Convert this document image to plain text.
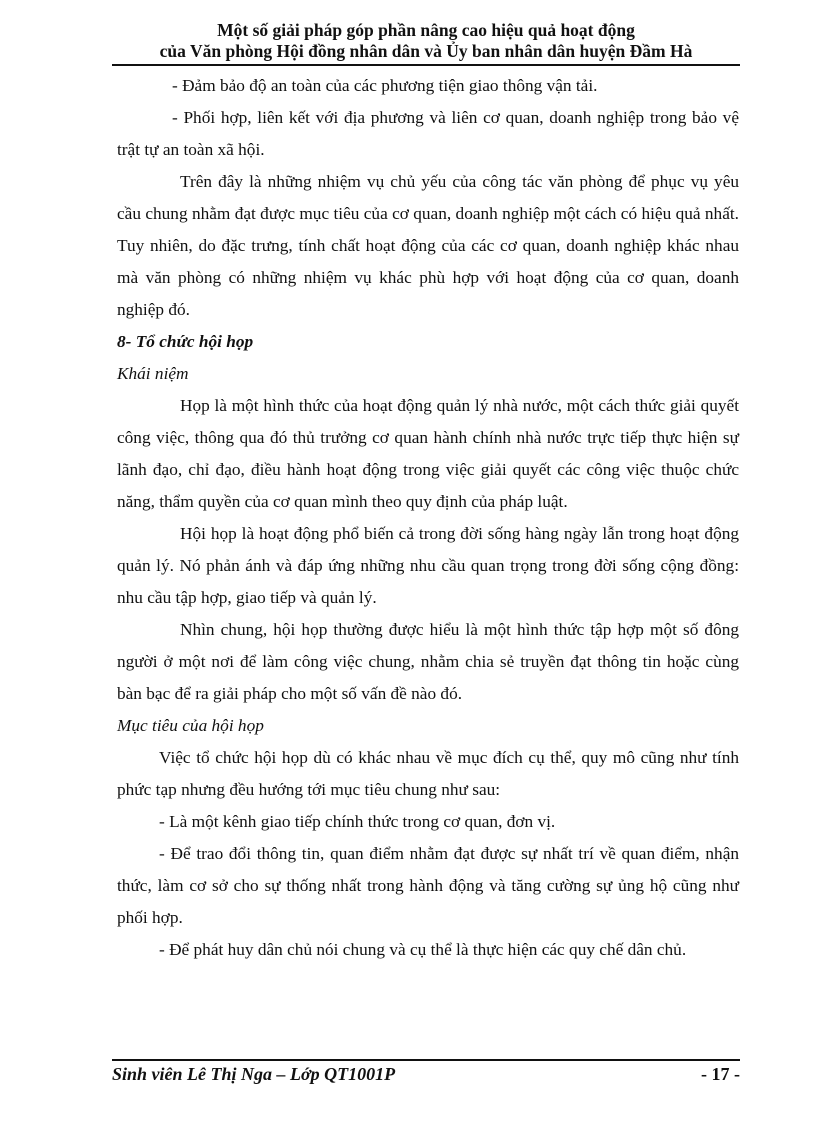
Một số giải pháp góp phần nâng cao hiệu quả hoạt động
của Văn phòng Hội đồng nhân dân và Ủy ban nhân dân huyện Đầm Hà

- Đảm bảo độ an toàn của các phương tiện giao thông vận tải.

- Phối hợp, liên kết với địa phương và liên cơ quan, doanh nghiệp trong bảo vệ trật tự an toàn xã hội.

Trên đây là những nhiệm vụ chủ yếu của công tác văn phòng để phục vụ yêu cầu chung nhằm đạt được mục tiêu của cơ quan, doanh nghiệp một cách có hiệu quả nhất. Tuy nhiên, do đặc trưng, tính chất hoạt động của các cơ quan, doanh nghiệp khác nhau mà văn phòng có những nhiệm vụ khác phù hợp với hoạt động của cơ quan, doanh nghiệp đó.

8- Tổ chức hội họp

Khái niệm

Họp là một hình thức của hoạt động quản lý nhà nước, một cách thức giải quyết công việc, thông qua đó thủ trưởng cơ quan hành chính nhà nước trực tiếp thực hiện sự lãnh đạo, chỉ đạo, điều hành hoạt động trong việc giải quyết các công việc thuộc chức năng, thẩm quyền của cơ quan mình theo quy định của pháp luật.

Hội họp là hoạt động phổ biến cả trong đời sống hàng ngày lẫn trong hoạt động quản lý. Nó phản ánh và đáp ứng những nhu cầu quan trọng trong đời sống cộng đồng: nhu cầu tập hợp, giao tiếp và quản lý.

Nhìn chung, hội họp thường được hiểu là một hình thức tập hợp một số đông người ở một nơi để làm công việc chung, nhằm chia sẻ truyền đạt thông tin hoặc cùng bàn bạc để ra giải pháp cho một số vấn đề nào đó.

Mục tiêu của hội họp

Việc tổ chức hội họp dù có khác nhau về mục đích cụ thể, quy mô cũng như tính phức tạp nhưng đều hướng tới mục tiêu chung như sau:

- Là một kênh giao tiếp chính thức trong cơ quan, đơn vị.

- Để trao đổi thông tin, quan điểm nhằm đạt được sự nhất trí về quan điểm, nhận thức, làm cơ sở cho sự thống nhất trong hành động và tăng cường sự ủng hộ cũng như phối hợp.

- Để phát huy dân chủ nói chung và cụ thể là thực hiện các quy chế dân chủ.

Sinh viên Lê Thị Nga – Lớp QT1001P	- 17 -
